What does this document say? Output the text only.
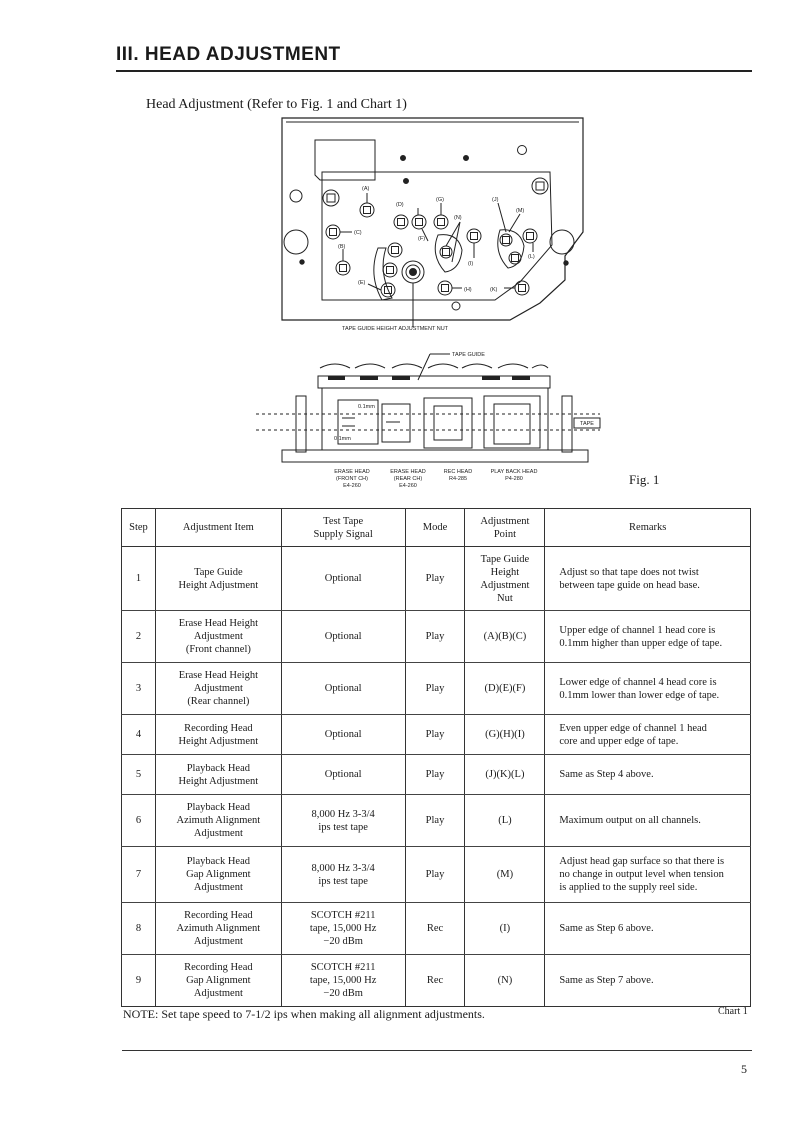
III. HEAD ADJUSTMENT
Head Adjustment (Refer to Fig. 1 and Chart 1)
(A)
(D)
(C)
(B)
(E)
(F)
(G)
(N)
(I)
(H)
(J)
(M)
(L)
(K)
TAPE GUIDE HEIGHT ADJUSTMENT NUT
TAPE GUIDE
TAPE
0.1mm
0.1mm
ERASE HEAD
(FRONT CH)
E4-260
ERASE HEAD
(REAR CH)
E4-260
REC HEAD
R4-285
PLAY BACK HEAD
P4-280	Fig. 1
Step	Adjustment Item	Test Tape
Supply Signal	Mode	Adjustment
Point	Remarks
1	Tape Guide
Height Adjustment	Optional	Play	Tape Guide
Height
Adjustment
Nut	Adjust so that tape does not twist
between tape guide on head base.
2	Erase Head Height
Adjustment
(Front channel)	Optional	Play	(A)(B)(C)	Upper edge of channel 1 head core is
0.1mm higher than upper edge of tape.
3	Erase Head Height
Adjustment
(Rear channel)	Optional	Play	(D)(E)(F)	Lower edge of channel 4 head core is
0.1mm lower than lower edge of tape.
4	Recording Head
Height Adjustment	Optional	Play	(G)(H)(I)	Even upper edge of channel 1 head
core and upper edge of tape.
5	Playback Head
Height Adjustment	Optional	Play	(J)(K)(L)	Same as Step 4 above.
6	Playback Head
Azimuth Alignment
Adjustment	8,000 Hz 3-3/4
ips test tape	Play	(L)	Maximum output on all channels.
7	Playback Head
Gap Alignment
Adjustment	8,000 Hz 3-3/4
ips test tape	Play	(M)	Adjust head gap surface so that there is
no change in output level when tension
is applied to the supply reel side.
8	Recording Head
Azimuth Alignment
Adjustment	SCOTCH #211
tape, 15,000 Hz
−20 dBm	Rec	(I)	Same as Step 6 above.
9	Recording Head
Gap Alignment
Adjustment	SCOTCH #211
tape, 15,000 Hz
−20 dBm	Rec	(N)	Same as Step 7 above.
NOTE: Set tape speed to 7-1/2 ips when making all alignment adjustments.	Chart 1
5
